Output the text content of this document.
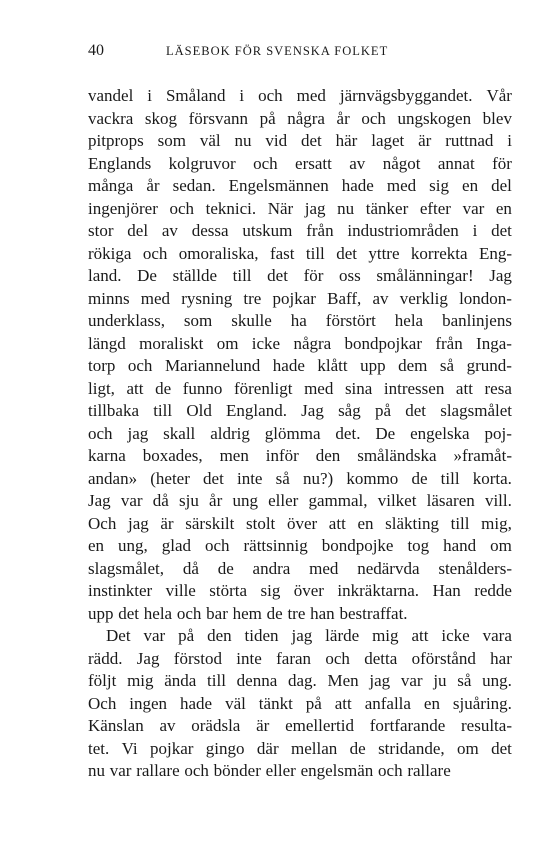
40	LÄSEBOK FÖR SVENSKA FOLKET
vandel i Småland i och med järnvägsbyggandet. Vår
vackra skog försvann på några år och ungskogen blev
pitprops som väl nu vid det här laget är ruttnad i
Englands kolgruvor och ersatt av något annat för
många år sedan. Engelsmännen hade med sig en del
ingenjörer och teknici. När jag nu tänker efter var en
stor del av dessa utskum från industriområden i det
rökiga och omoraliska, fast till det yttre korrekta Eng-
land. De ställde till det för oss smålänningar! Jag
minns med rysning tre pojkar Baff, av verklig london-
underklass, som skulle ha förstört hela banlinjens
längd moraliskt om icke några bondpojkar från Inga-
torp och Mariannelund hade klått upp dem så grund-
ligt, att de funno förenligt med sina intressen att resa
tillbaka till Old England. Jag såg på det slagsmålet
och jag skall aldrig glömma det. De engelska poj-
karna boxades, men inför den småländska »framåt-
andan» (heter det inte så nu?) kommo de till korta.
Jag var då sju år ung eller gammal, vilket läsaren vill.
Och jag är särskilt stolt över att en släkting till mig,
en ung, glad och rättsinnig bondpojke tog hand om
slagsmålet, då de andra med nedärvda stenålders-
instinkter ville störta sig över inkräktarna. Han redde
upp det hela och bar hem de tre han bestraffat.
Det var på den tiden jag lärde mig att icke vara
rädd. Jag förstod inte faran och detta oförstånd har
följt mig ända till denna dag. Men jag var ju så ung.
Och ingen hade väl tänkt på att anfalla en sjuåring.
Känslan av orädsla är emellertid fortfarande resulta-
tet. Vi pojkar gingo där mellan de stridande, om det
nu var rallare och bönder eller engelsmän och rallare
